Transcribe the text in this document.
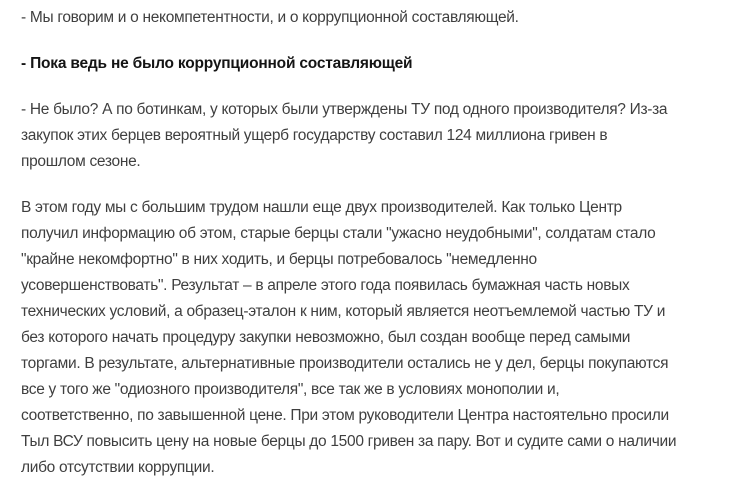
- Мы говорим и о некомпетентности, и о коррупционной составляющей.
- Пока ведь не было коррупционной составляющей
- Не было? А по ботинкам, у которых были утверждены ТУ под одного производителя? Из-за
закупок этих берцев вероятный ущерб государству составил 124 миллиона гривен в
прошлом сезоне.
В этом году мы с большим трудом нашли еще двух производителей. Как только Центр
получил информацию об этом, старые берцы стали "ужасно неудобными", солдатам стало
"крайне некомфортно" в них ходить, и берцы потребовалось "немедленно
усовершенствовать". Результат – в апреле этого года появилась бумажная часть новых
технических условий, а образец-эталон к ним, который является неотъемлемой частью ТУ и
без которого начать процедуру закупки невозможно, был создан вообще перед самыми
торгами. В результате, альтернативные производители остались не у дел, берцы покупаются
все у того же "одиозного производителя", все так же в условиях монополии и,
соответственно, по завышенной цене. При этом руководители Центра настоятельно просили
Тыл ВСУ повысить цену на новые берцы до 1500 гривен за пару. Вот и судите сами о наличии
либо отсутствии коррупции.
